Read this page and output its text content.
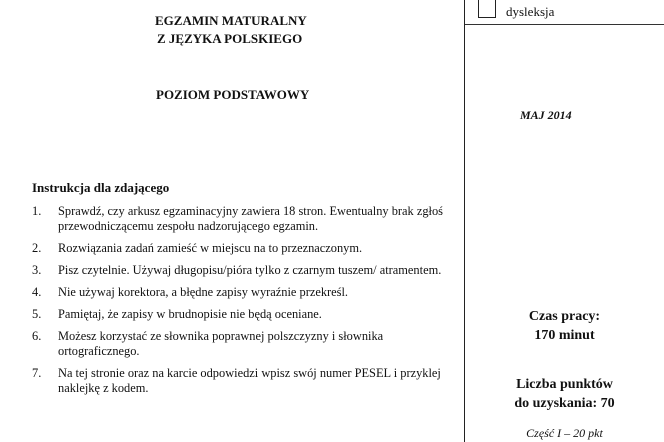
dysleksja
EGZAMIN MATURALNY
Z JĘZYKA POLSKIEGO
POZIOM PODSTAWOWY
MAJ 2014
Instrukcja dla zdającego
1.	Sprawdź, czy arkusz egzaminacyjny zawiera 18 stron. Ewentualny brak zgłoś przewodniczącemu zespołu nadzorującego egzamin.
2.	Rozwiązania zadań zamieść w miejscu na to przeznaczonym.
3.	Pisz czytelnie. Używaj długopisu/pióra tylko z czarnym tuszem/ atramentem.
4.	Nie używaj korektora, a błędne zapisy wyraźnie przekreśl.
5.	Pamiętaj, że zapisy w brudnopisie nie będą oceniane.
6.	Możesz korzystać ze słownika poprawnej polszczyzny i słownika ortograficznego.
7.	Na tej stronie oraz na karcie odpowiedzi wpisz swój numer PESEL i przyklej naklejkę z kodem.
Czas pracy:
170 minut
Liczba punktów
do uzyskania: 70
Część I – 20 pkt
